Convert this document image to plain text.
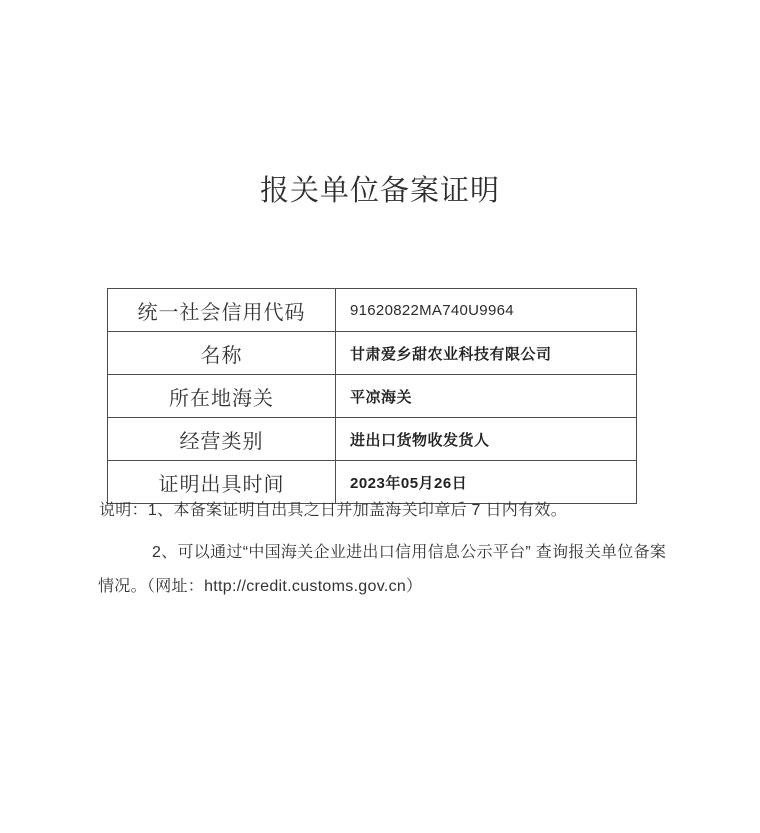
报关单位备案证明
统一社会信用代码	91620822MA740U9964
名称	甘肃爱乡甜农业科技有限公司
所在地海关	平凉海关
经营类别	进出口货物收发货人
证明出具时间	2023年05月26日
说明：1、本备案证明自出具之日并加盖海关印章后 7 日内有效。
2、可以通过“中国海关企业进出口信用信息公示平台” 查询报关单位备案
情况。（网址：http://credit.customs.gov.cn）
